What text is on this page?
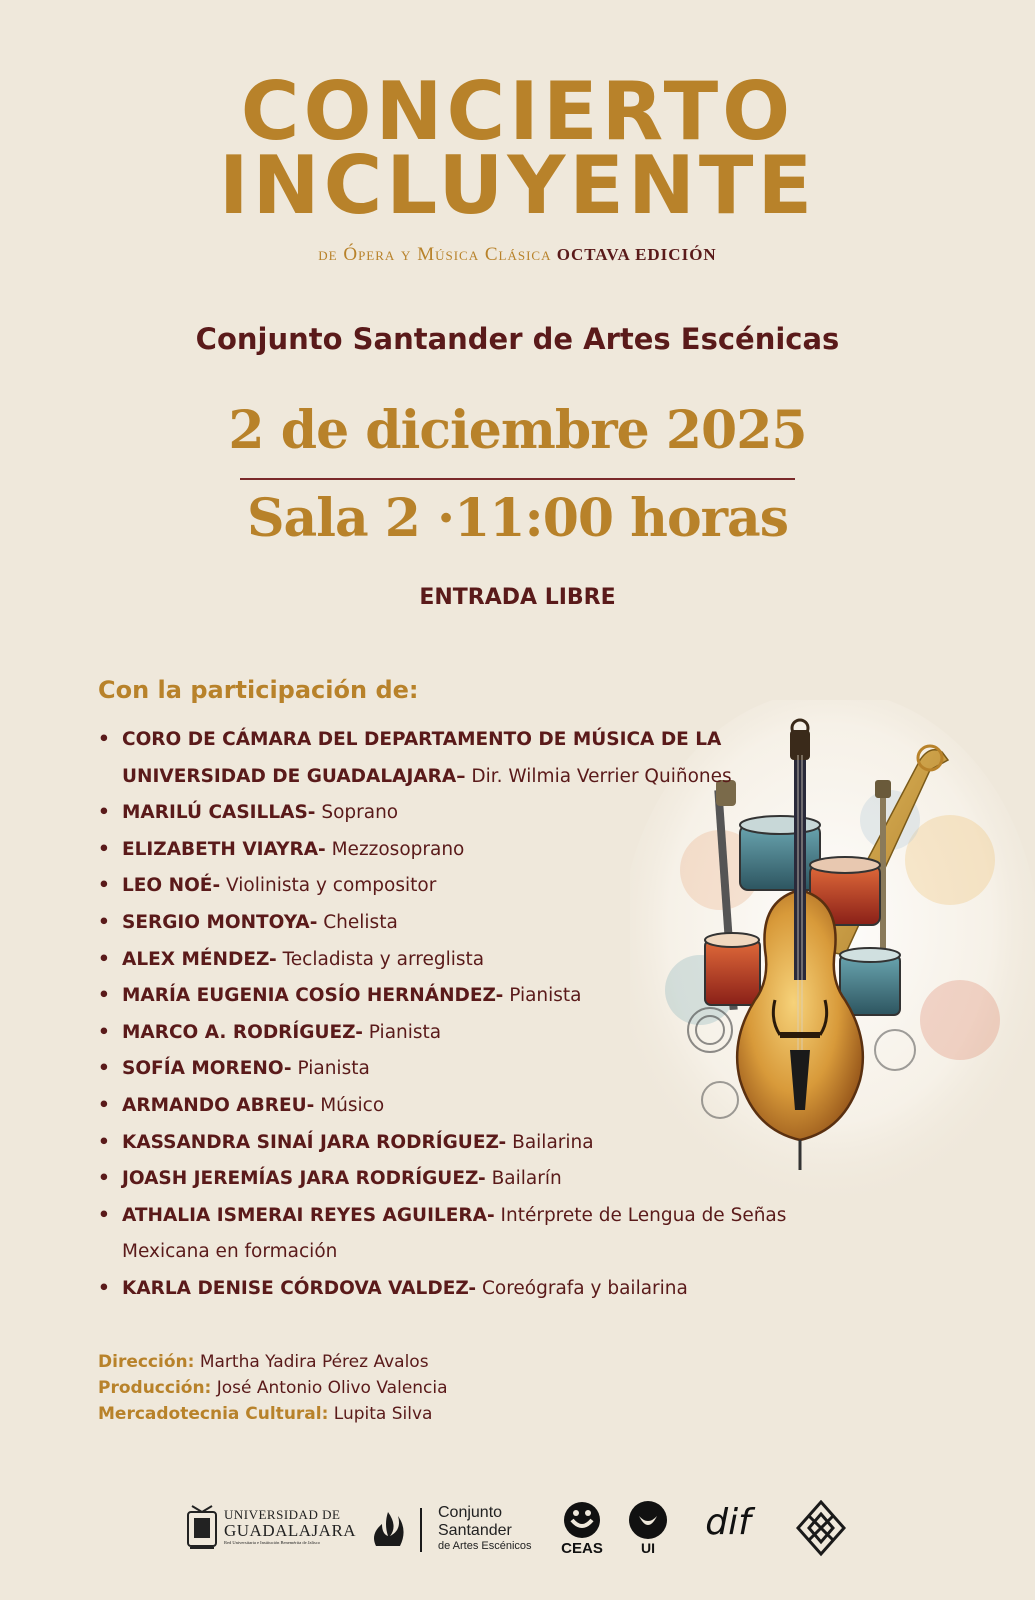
CONCIERTO
INCLUYENTE
de Ópera y Música Clásica OCTAVA EDICIÓN
Conjunto Santander de Artes Escénicas
2 de diciembre 2025
Sala 2 ·11:00 horas
ENTRADA LIBRE
Con la participación de:
• CORO DE CÁMARA DEL DEPARTAMENTO DE MÚSICA DE LA UNIVERSIDAD DE GUADALAJARA– Dir. Wilmia Verrier Quiñones
• MARILÚ CASILLAS- Soprano
• ELIZABETH VIAYRA- Mezzosoprano
• LEO NOÉ- Violinista y compositor
• SERGIO MONTOYA- Chelista
• ALEX MÉNDEZ- Tecladista y arreglista
• MARÍA EUGENIA COSÍO HERNÁNDEZ- Pianista
• MARCO A. RODRÍGUEZ- Pianista
• SOFÍA MORENO- Pianista
• ARMANDO ABREU- Músico
• KASSANDRA SINAÍ JARA RODRÍGUEZ- Bailarina
• JOASH JEREMÍAS JARA RODRÍGUEZ- Bailarín
• ATHALIA ISMERAI REYES AGUILERA- Intérprete de Lengua de Señas Mexicana en formación
• KARLA DENISE CÓRDOVA VALDEZ- Coreógrafa y bailarina
Dirección: Martha Yadira Pérez Avalos
Producción: José Antonio Olivo Valencia
Mercadotecnia Cultural: Lupita Silva
UNIVERSIDAD DE
GUADALAJARA
Red Universitaria e Institución Benemérita de Jalisco
Conjunto
Santander
de Artes Escénicos	CEAS	UI
dif
